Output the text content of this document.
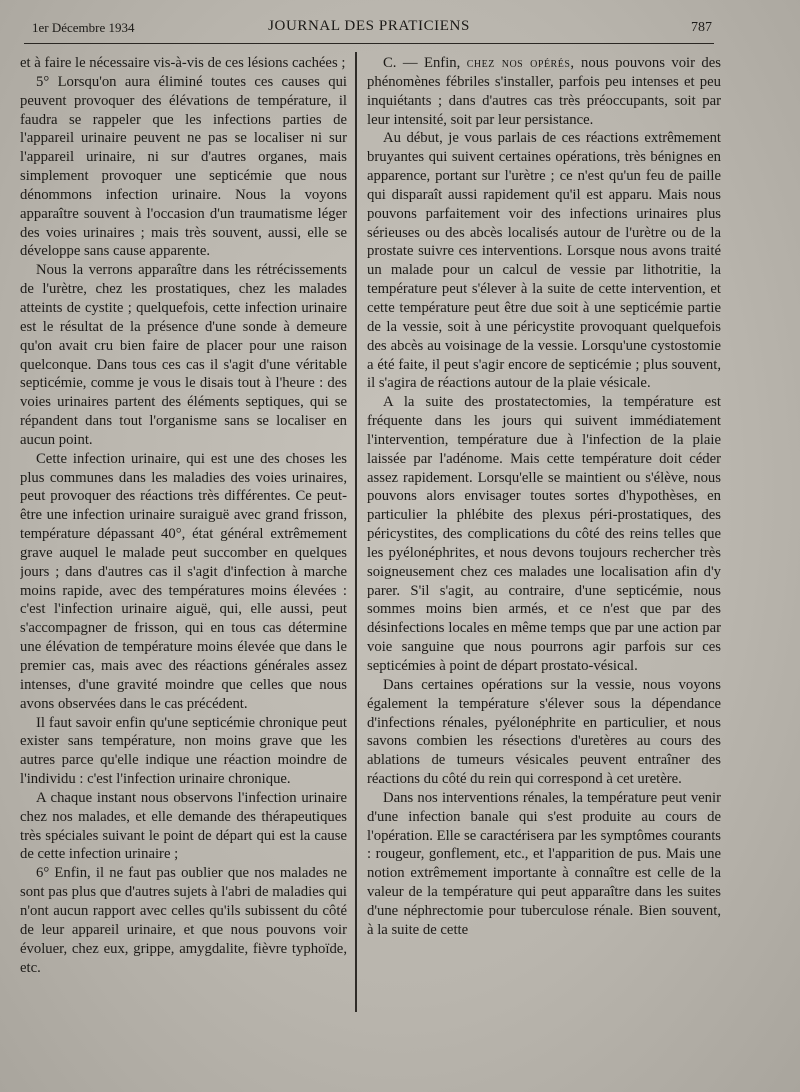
1er Décembre 1934	JOURNAL DES PRATICIENS	787

et à faire le nécessaire vis-à-vis de ces lésions cachées ;

5° Lorsqu'on aura éliminé toutes ces causes qui peuvent provoquer des élévations de température, il faudra se rappeler que les infections parties de l'appareil urinaire peuvent ne pas se localiser ni sur l'appareil urinaire, ni sur d'autres organes, mais simplement provoquer une septicémie que nous dénommons infection urinaire. Nous la voyons apparaître souvent à l'occasion d'un traumatisme léger des voies urinaires ; mais très souvent, aussi, elle se développe sans cause apparente.

Nous la verrons apparaître dans les rétrécissements de l'urètre, chez les prostatiques, chez les malades atteints de cystite ; quelquefois, cette infection urinaire est le résultat de la présence d'une sonde à demeure qu'on avait cru bien faire de placer pour une raison quelconque. Dans tous ces cas il s'agit d'une véritable septicémie, comme je vous le disais tout à l'heure : des voies urinaires partent des éléments septiques, qui se répandent dans tout l'organisme sans se localiser en aucun point.

Cette infection urinaire, qui est une des choses les plus communes dans les maladies des voies urinaires, peut provoquer des réactions très différentes. Ce peut-être une infection urinaire suraiguë avec grand frisson, température dépassant 40°, état général extrêmement grave auquel le malade peut succomber en quelques jours ; dans d'autres cas il s'agit d'infection à marche moins rapide, avec des températures moins élevées : c'est l'infection urinaire aiguë, qui, elle aussi, peut s'accompagner de frisson, qui en tous cas détermine une élévation de température moins élevée que dans le premier cas, mais avec des réactions générales assez intenses, d'une gravité moindre que celles que nous avons observées dans le cas précédent.

Il faut savoir enfin qu'une septicémie chronique peut exister sans température, non moins grave que les autres parce qu'elle indique une réaction moindre de l'individu : c'est l'infection urinaire chronique.

A chaque instant nous observons l'infection urinaire chez nos malades, et elle demande des thérapeutiques très spéciales suivant le point de départ qui est la cause de cette infection urinaire ;

6° Enfin, il ne faut pas oublier que nos malades ne sont pas plus que d'autres sujets à l'abri de maladies qui n'ont aucun rapport avec celles qu'ils subissent du côté de leur appareil urinaire, et que nous pouvons voir évoluer, chez eux, grippe, amygdalite, fièvre typhoïde, etc.

C. — Enfin, chez nos opérés, nous pouvons voir des phénomènes fébriles s'installer, parfois peu intenses et peu inquiétants ; dans d'autres cas très préoccupants, soit par leur intensité, soit par leur persistance.

Au début, je vous parlais de ces réactions extrêmement bruyantes qui suivent certaines opérations, très bénignes en apparence, portant sur l'urètre ; ce n'est qu'un feu de paille qui disparaît aussi rapidement qu'il est apparu. Mais nous pouvons parfaitement voir des infections urinaires plus sérieuses ou des abcès localisés autour de l'urètre ou de la prostate suivre ces interventions. Lorsque nous avons traité un malade pour un calcul de vessie par lithotritie, la température peut s'élever à la suite de cette intervention, et cette température peut être due soit à une septicémie partie de la vessie, soit à une péricystite provoquant quelquefois des abcès au voisinage de la vessie. Lorsqu'une cystostomie a été faite, il peut s'agir encore de septicémie ; plus souvent, il s'agira de réactions autour de la plaie vésicale.

A la suite des prostatectomies, la température est fréquente dans les jours qui suivent immédiatement l'intervention, température due à l'infection de la plaie laissée par l'adénome. Mais cette température doit céder assez rapidement. Lorsqu'elle se maintient ou s'élève, nous pouvons alors envisager toutes sortes d'hypothèses, en particulier la phlébite des plexus péri-prostatiques, des péricystites, des complications du côté des reins telles que les pyélonéphrites, et nous devons toujours rechercher très soigneusement chez ces malades une localisation afin d'y parer. S'il s'agit, au contraire, d'une septicémie, nous sommes moins bien armés, et ce n'est que par des désinfections locales en même temps que par une action par voie sanguine que nous pourrons agir parfois sur ces septicémies à point de départ prostato-vésical.

Dans certaines opérations sur la vessie, nous voyons également la température s'élever sous la dépendance d'infections rénales, pyélonéphrite en particulier, et nous savons combien les résections d'uretères au cours des ablations de tumeurs vésicales peuvent entraîner des réactions du côté du rein qui correspond à cet uretère.

Dans nos interventions rénales, la température peut venir d'une infection banale qui s'est produite au cours de l'opération. Elle se caractérisera par les symptômes courants : rougeur, gonflement, etc., et l'apparition de pus. Mais une notion extrêmement importante à connaître est celle de la valeur de la température qui peut apparaître dans les suites d'une néphrectomie pour tuberculose rénale. Bien souvent, à la suite de cette
